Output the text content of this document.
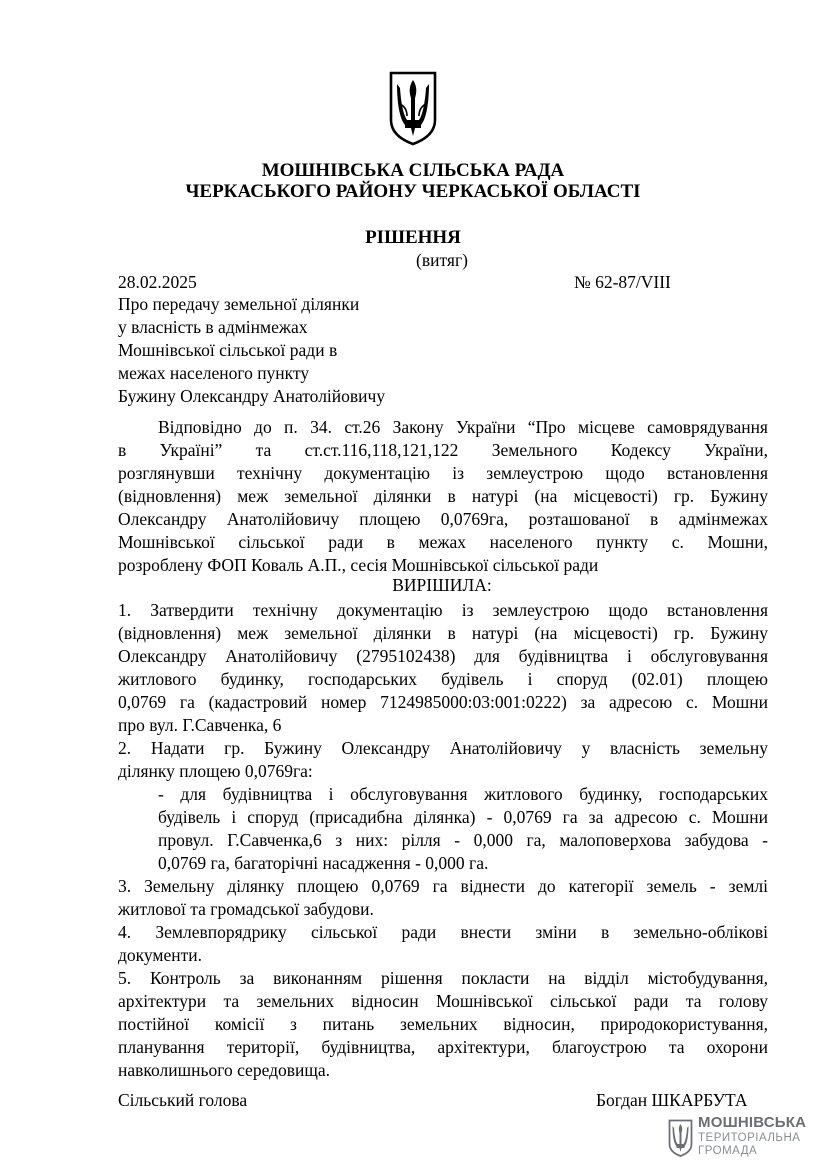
МОШНІВСЬКА СІЛЬСЬКА РАДА
ЧЕРКАСЬКОГО РАЙОНУ ЧЕРКАСЬКОЇ ОБЛАСТІ
РІШЕННЯ
(витяг)
28.02.2025	№ 62-87/VIII
Про передачу земельної ділянки
у власність в адмінмежах
Мошнівської сільської ради в
межах населеного пункту
Бужину Олександру Анатолійовичу
Відповідно до п. 34. ст.26 Закону України “Про місцеве самоврядування
в Україні” та ст.ст.116,118,121,122 Земельного Кодексу України,
розглянувши технічну документацію із землеустрою щодо встановлення
(відновлення) меж земельної ділянки в натурі (на місцевості) гр. Бужину
Олександру Анатолійовичу площею 0,0769га, розташованої в адмінмежах
Мошнівської сільської ради в межах населеного пункту с. Мошни,
розроблену ФОП Коваль А.П., сесія Мошнівської сільської ради
ВИРІШИЛА:
1. Затвердити технічну документацію із землеустрою щодо встановлення
(відновлення) меж земельної ділянки в натурі (на місцевості) гр. Бужину
Олександру Анатолійовичу (2795102438) для будівництва і обслуговування
житлового будинку, господарських будівель і споруд (02.01) площею
0,0769 га (кадастровий номер 7124985000:03:001:0222) за адресою с. Мошни
про вул. Г.Савченка, 6
2. Надати гр. Бужину Олександру Анатолійовичу у власність земельну
ділянку площею 0,0769га:
- для будівництва і обслуговування житлового будинку, господарських
будівель і споруд (присадибна ділянка) - 0,0769 га за адресою с. Мошни
провул. Г.Савченка,6 з них: рілля - 0,000 га, малоповерхова забудова -
0,0769 га, багаторічні насадження - 0,000 га.
3. Земельну ділянку площею 0,0769 га віднести до категорії земель - землі
житлової та громадської забудови.
4. Землевпорядрику сільської ради внести зміни в земельно-облікові
документи.
5. Контроль за виконанням рішення покласти на відділ містобудування,
архітектури та земельних відносин Мошнівської сільської ради та голову
постійної комісії з питань земельних відносин, природокористування,
планування території, будівництва, архітектури, благоустрою та охорони
навколишнього середовища.
Сільський голова	Богдан ШКАРБУТА
МОШНІВСЬКА
ТЕРИТОРІАЛЬНА
ГРОМАДА
